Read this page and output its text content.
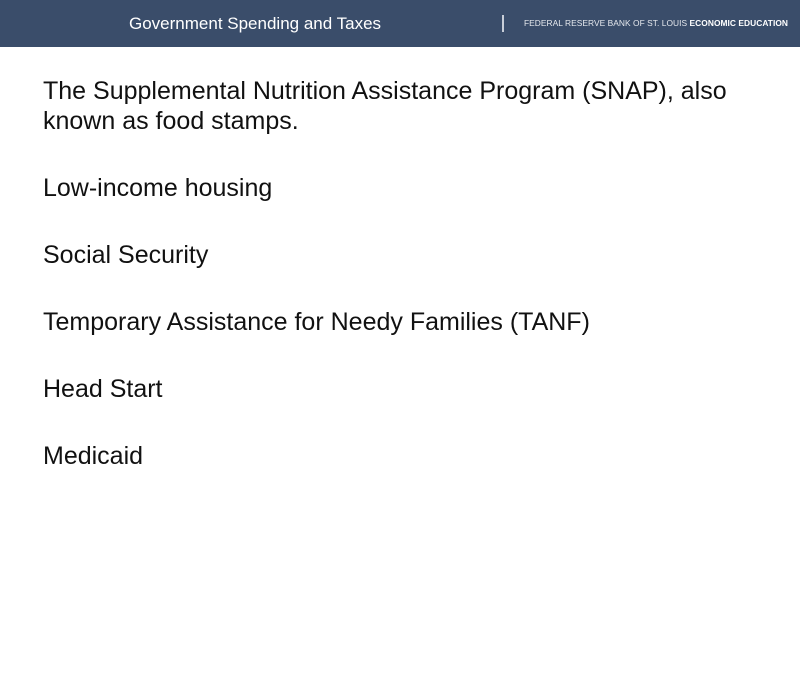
Government Spending and Taxes	FEDERAL RESERVE BANK OF ST. LOUIS ECONOMIC EDUCATION

The Supplemental Nutrition Assistance Program (SNAP), also known as food stamps.

Low-income housing

Social Security

Temporary Assistance for Needy Families (TANF)

Head Start

Medicaid
